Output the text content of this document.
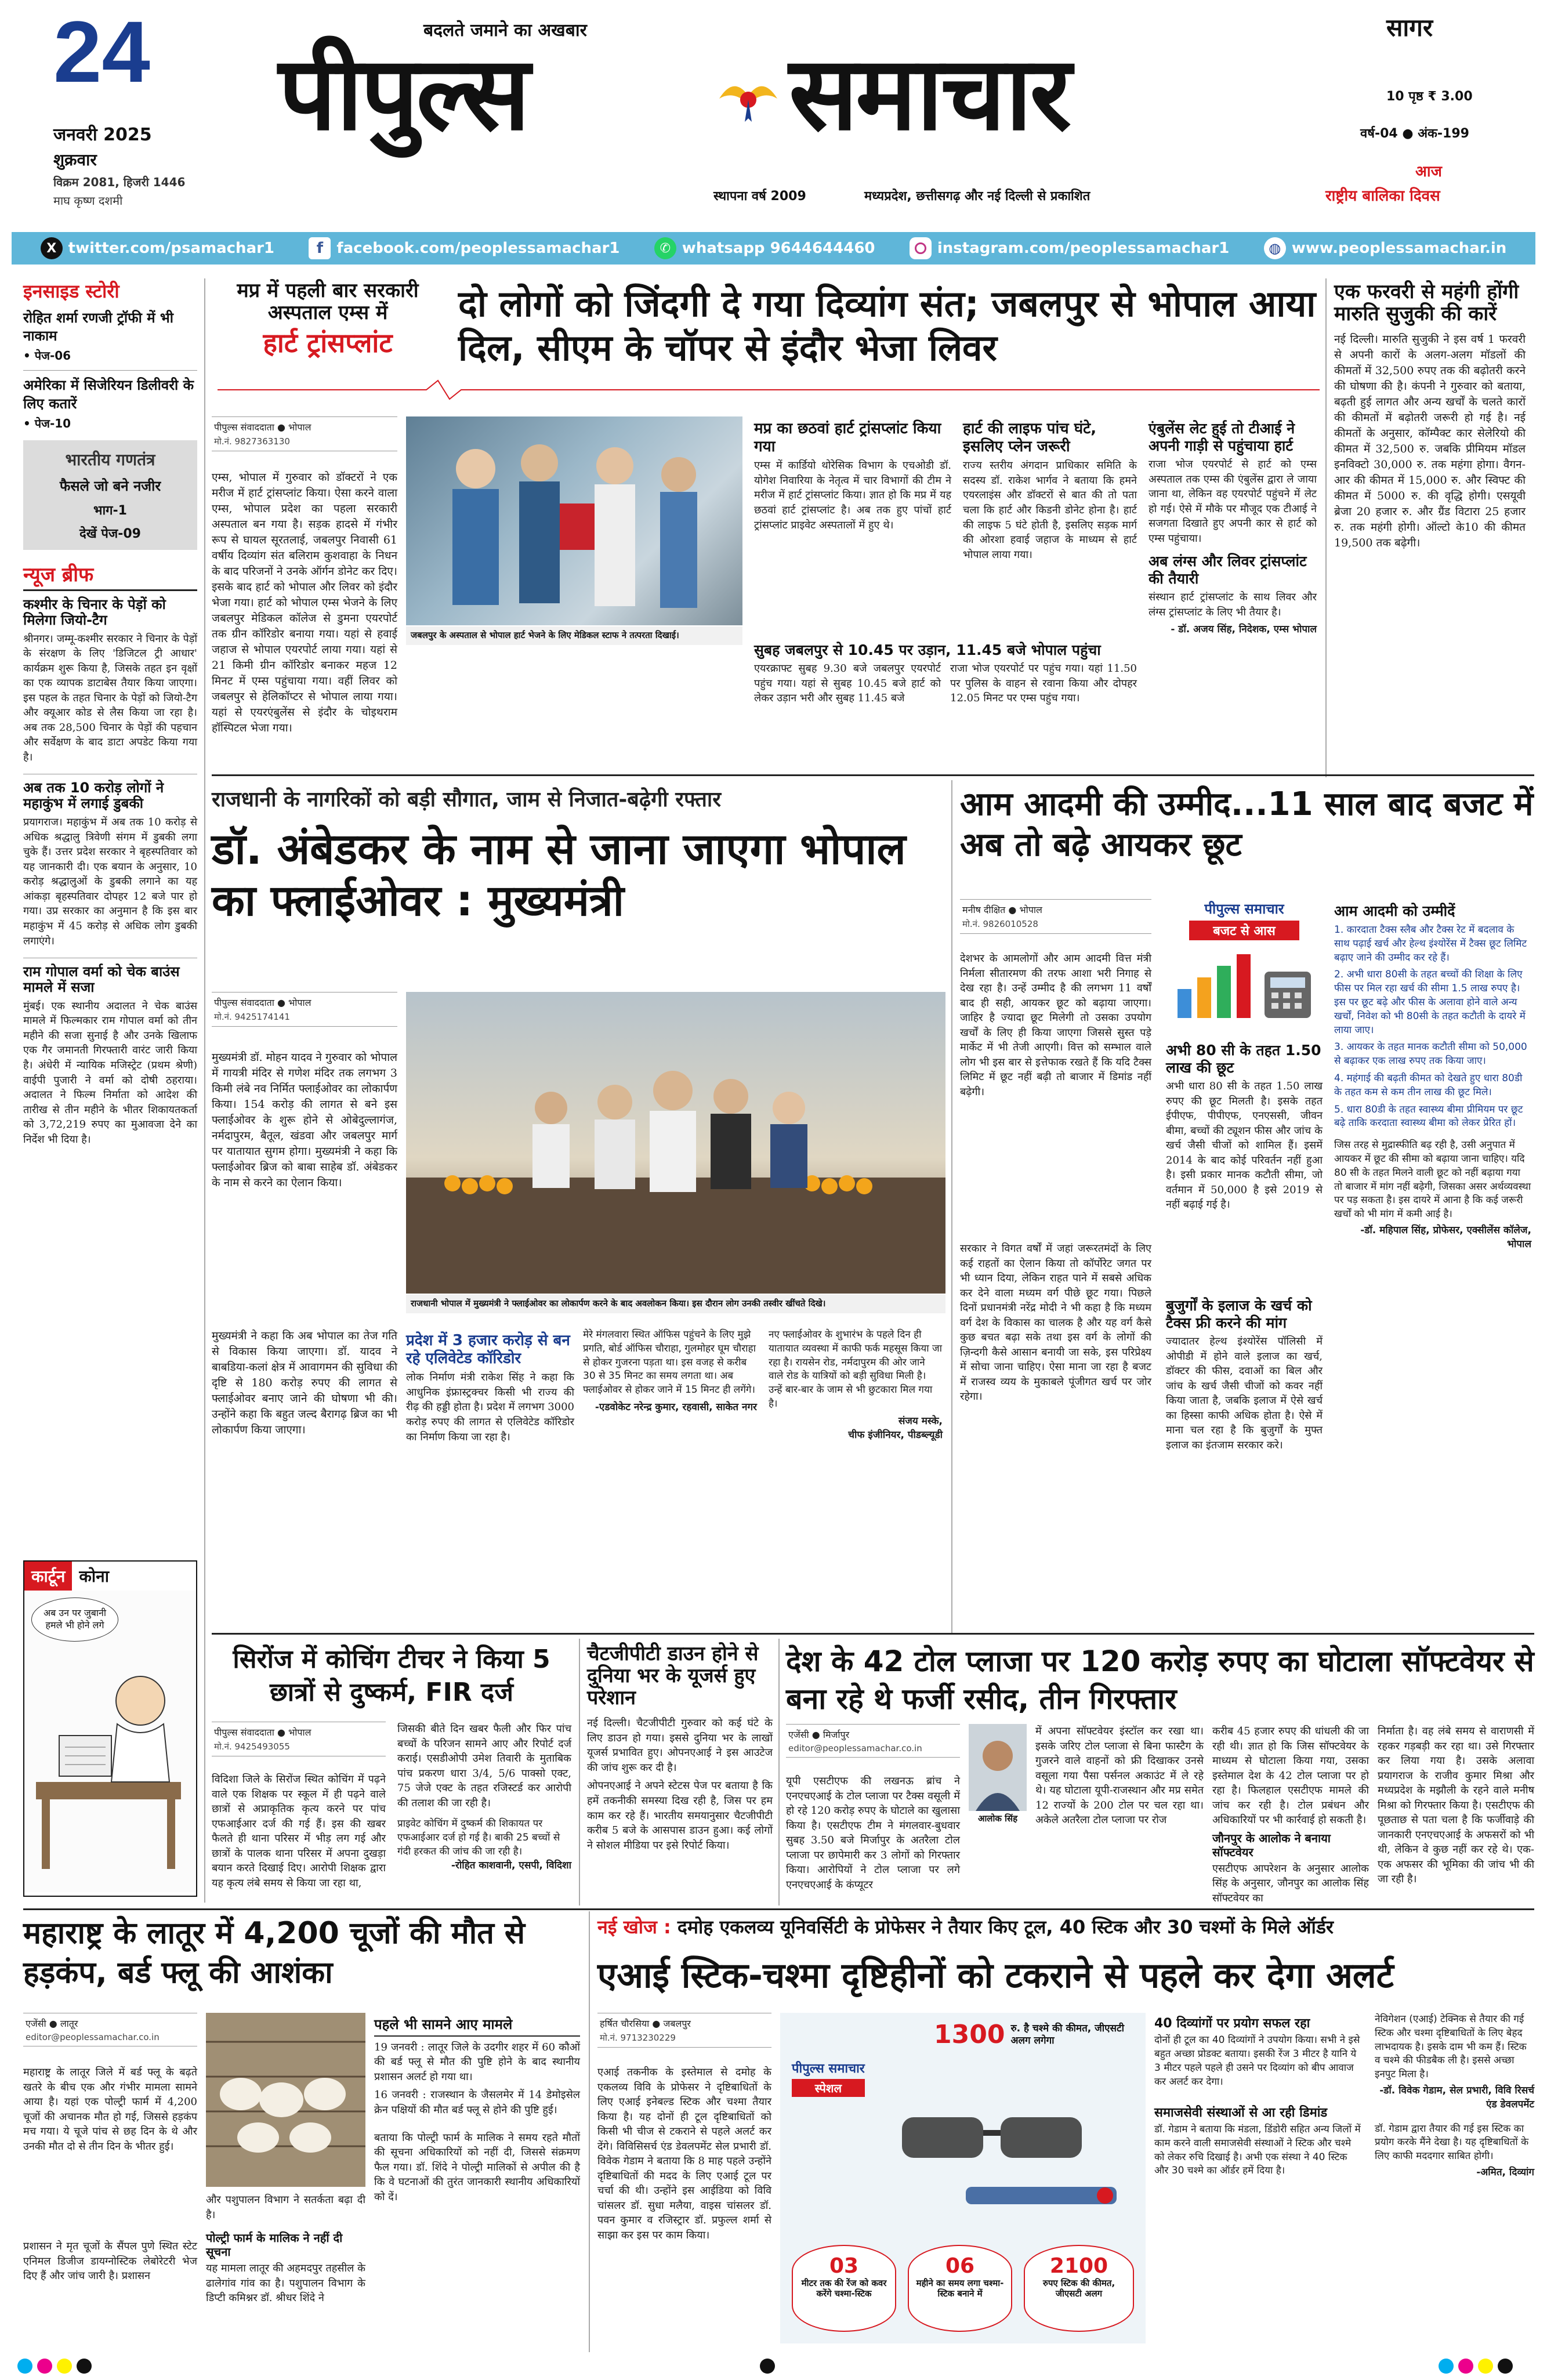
24
जनवरी 2025
शुक्रवार
विक्रम 2081, हिजरी 1446
माघ कृष्ण दशमी
बदलते जमाने का अखबार
पीपुल्स	समाचार
स्थापना वर्ष 2009	मध्यप्रदेश, छत्तीसगढ़ और नई दिल्ली से प्रकाशित
सागर
10 पृष्ठ ₹ 3.00
वर्ष-04 ● अंक-199
आज
राष्ट्रीय बालिका दिवस
X twitter.com/psamachar1	f facebook.com/peoplessamachar1	✆ whatsapp 9644644460	instagram.com/peoplessamachar1	◍ www.peoplessamachar.in
इनसाइड स्टोरी
रोहित शर्मा रणजी ट्रॉफी में भी नाकाम
• पेज-06
अमेरिका में सिजेरियन डिलीवरी के लिए कतारें
• पेज-10
भारतीय गणतंत्र
फैसले जो बने नजीर
भाग-1
देखें पेज-09
न्यूज ब्रीफ
कश्मीर के चिनार के पेड़ों को मिलेगा जियो-टैग
श्रीनगर। जम्मू-कश्मीर सरकार ने चिनार के पेड़ों के संरक्षण के लिए 'डिजिटल ट्री आधार' कार्यक्रम शुरू किया है, जिसके तहत इन वृक्षों का एक व्यापक डाटाबेस तैयार किया जाएगा। इस पहल के तहत चिनार के पेड़ों को जियो-टैग और क्यूआर कोड से लैस किया जा रहा है। अब तक 28,500 चिनार के पेड़ों की पहचान और सर्वेक्षण के बाद डाटा अपडेट किया गया है।
अब तक 10 करोड़ लोगों ने महाकुंभ में लगाई डुबकी
प्रयागराज। महाकुंभ में अब तक 10 करोड़ से अधिक श्रद्धालु त्रिवेणी संगम में डुबकी लगा चुके हैं। उत्तर प्रदेश सरकार ने बृहस्पतिवार को यह जानकारी दी। एक बयान के अनुसार, 10 करोड़ श्रद्धालुओं के डुबकी लगाने का यह आंकड़ा बृहस्पतिवार दोपहर 12 बजे पार हो गया। उप्र सरकार का अनुमान है कि इस बार महाकुंभ में 45 करोड़ से अधिक लोग डुबकी लगाएंगे।
राम गोपाल वर्मा को चेक बाउंस मामले में सजा
मुंबई। एक स्थानीय अदालत ने चेक बाउंस मामले में फिल्मकार राम गोपाल वर्मा को तीन महीने की सजा सुनाई है और उनके खिलाफ एक गैर जमानती गिरफ्तारी वारंट जारी किया है। अंधेरी में न्यायिक मजिस्ट्रेट (प्रथम श्रेणी) वाईपी पुजारी ने वर्मा को दोषी ठहराया। अदालत ने फिल्म निर्माता को आदेश की तारीख से तीन महीने के भीतर शिकायतकर्ता को 3,72,219 रुपए का मुआवजा देने का निर्देश भी दिया है।
कार्टून कोना
अब उन पर जुबानी हमले भी होने लगे
मप्र में पहली बार सरकारी अस्पताल एम्स में
हार्ट ट्रांसप्लांट
दो लोगों को जिंदगी दे गया दिव्यांग संत; जबलपुर से भोपाल आया दिल, सीएम के चॉपर से इंदौर भेजा लिवर
पीपुल्स संवाददाता ● भोपाल
मो.नं. 9827363130
एम्स, भोपाल में गुरुवार को डॉक्टरों ने एक मरीज में हार्ट ट्रांसप्लांट किया। ऐसा करने वाला एम्स, भोपाल प्रदेश का पहला सरकारी अस्पताल बन गया है। सड़क हादसे में गंभीर रूप से घायल सूरतलाई, जबलपुर निवासी 61 वर्षीय दिव्यांग संत बलिराम कुशवाहा के निधन के बाद परिजनों ने उनके ऑर्गन डोनेट कर दिए। इसके बाद हार्ट को भोपाल और लिवर को इंदौर भेजा गया। हार्ट को भोपाल एम्स भेजने के लिए जबलपुर मेडिकल कॉलेज से डुमना एयरपोर्ट तक ग्रीन कॉरिडोर बनाया गया। यहां से हवाई जहाज से भोपाल एयरपोर्ट लाया गया। यहां से 21 किमी ग्रीन कॉरिडोर बनाकर महज 12 मिनट में एम्स पहुंचाया गया। वहीं लिवर को जबलपुर से हेलिकॉप्टर से भोपाल लाया गया। यहां से एयरएंबुलेंस से इंदौर के चोइथराम हॉस्पिटल भेजा गया।
जबलपुर के अस्पताल से भोपाल हार्ट भेजने के लिए मेडिकल स्टाफ ने तत्परता दिखाई।
मप्र का छठवां हार्ट ट्रांसप्लांट किया गया
एम्स में कार्डियो थोरेसिक विभाग के एचओडी डॉ. योगेश निवारिया के नेतृत्व में चार विभागों की टीम ने मरीज में हार्ट ट्रांसप्लांट किया। ज्ञात हो कि मप्र में यह छठवां हार्ट ट्रांसप्लांट है। अब तक हुए पांचों हार्ट ट्रांसप्लांट प्राइवेट अस्पतालों में हुए थे।
हार्ट की लाइफ पांच घंटे, इसलिए प्लेन जरूरी
राज्य स्तरीय अंगदान प्राधिकार समिति के सदस्य डॉ. राकेश भार्गव ने बताया कि हमने एयरलाइंस और डॉक्टरों से बात की तो पता चला कि हार्ट और किडनी डोनेट होना है। हार्ट की लाइफ 5 घंटे होती है, इसलिए सड़क मार्ग की ओरशा हवाई जहाज के माध्यम से हार्ट भोपाल लाया गया।
सुबह जबलपुर से 10.45 पर उड़ान, 11.45 बजे भोपाल पहुंचा
एयरक्राफ्ट सुबह 9.30 बजे जबलपुर एयरपोर्ट पहुंच गया। यहां से सुबह 10.45 बजे हार्ट को लेकर उड़ान भरी और सुबह 11.45 बजे
राजा भोज एयरपोर्ट पर पहुंच गया। यहां 11.50 पर पुलिस के वाहन से रवाना किया और दोपहर 12.05 मिनट पर एम्स पहुंच गया।
एंबुलेंस लेट हुई तो टीआई ने अपनी गाड़ी से पहुंचाया हार्ट
राजा भोज एयरपोर्ट से हार्ट को एम्स अस्पताल तक एम्स की एंबुलेंस द्वारा ले जाया जाना था, लेकिन वह एयरपोर्ट पहुंचने में लेट हो गई। ऐसे में मौके पर मौजूद एक टीआई ने सजगता दिखाते हुए अपनी कार से हार्ट को एम्स पहुंचाया।
अब लंग्स और लिवर ट्रांसप्लांट की तैयारी
संस्थान हार्ट ट्रांसप्लांट के साथ लिवर और लंग्स ट्रांसप्लांट के लिए भी तैयार है।
- डॉ. अजय सिंह, निदेशक, एम्स भोपाल
एक फरवरी से महंगी होंगी मारुति सुजुकी की कारें
नई दिल्ली। मारुति सुजुकी ने इस वर्ष 1 फरवरी से अपनी कारों के अलग-अलग मॉडलों की कीमतों में 32,500 रुपए तक की बढ़ोतरी करने की घोषणा की है। कंपनी ने गुरुवार को बताया, बढ़ती हुई लागत और अन्य खर्चों के चलते कारों की कीमतों में बढ़ोतरी जरूरी हो गई है। नई कीमतों के अनुसार, कॉम्पैक्ट कार सेलेरियो की कीमत में 32,500 रु. जबकि प्रीमियम मॉडल इनविक्टो 30,000 रु. तक महंगा होगा। वैगन-आर की कीमत में 15,000 रु. और स्विफ्ट की कीमत में 5000 रु. की वृद्धि होगी। एसयूवी ब्रेजा 20 हजार रु. और ग्रैंड विटारा 25 हजार रु. तक महंगी होगी। ऑल्टो के10 की कीमत 19,500 तक बढ़ेगी।
राजधानी के नागरिकों को बड़ी सौगात, जाम से निजात-बढ़ेगी रफ्तार
डॉ. अंबेडकर के नाम से जाना जाएगा भोपाल का फ्लाईओवर : मुख्यमंत्री
पीपुल्स संवाददाता ● भोपाल
मो.नं. 9425174141
मुख्यमंत्री डॉ. मोहन यादव ने गुरुवार को भोपाल में गायत्री मंदिर से गणेश मंदिर तक लगभग 3 किमी लंबे नव निर्मित फ्लाईओवर का लोकार्पण किया। 154 करोड़ की लागत से बने इस फ्लाईओवर के शुरू होने से ओबेदुल्लागंज, नर्मदापुरम, बैतूल, खंडवा और जबलपुर मार्ग पर यातायात सुगम होगा। मुख्यमंत्री ने कहा कि फ्लाईओवर ब्रिज को बाबा साहेब डॉ. अंबेडकर के नाम से करने का ऐलान किया।
मुख्यमंत्री ने कहा कि अब भोपाल का तेज गति से विकास किया जाएगा। डॉ. यादव ने बाबडिया-कलां क्षेत्र में आवागमन की सुविधा की दृष्टि से 180 करोड़ रुपए की लागत से फ्लाईओवर बनाए जाने की घोषणा भी की। उन्होंने कहा कि बहुत जल्द बैरागढ़ ब्रिज का भी लोकार्पण किया जाएगा।
राजधानी भोपाल में मुख्यमंत्री ने फ्लाईओवर का लोकार्पण करने के बाद अवलोकन किया। इस दौरान लोग उनकी तस्वीर खींचते दिखे।
प्रदेश में 3 हजार करोड़ से बन रहे एलिवेटेड कॉरिडोर
लोक निर्माण मंत्री राकेश सिंह ने कहा कि आधुनिक इंफ्रास्ट्रक्चर किसी भी राज्य की रीढ़ की हड्डी होता है। प्रदेश में लगभग 3000 करोड़ रुपए की लागत से एलिवेटेड कॉरिडोर का निर्माण किया जा रहा है।
मेरे मंगलवारा स्थित ऑफिस पहुंचने के लिए मुझे प्रगति, बोर्ड ऑफिस चौराहा, गुलमोहर घूम चौराहा से होकर गुजरना पड़ता था। इस वजह से करीब 30 से 35 मिनट का समय लगता था। अब फ्लाईओवर से होकर जाने में 15 मिनट ही लगेंगे।
-एडवोकेट नरेन्द्र कुमार, रहवासी, साकेत नगर
नए फ्लाईओवर के शुभारंभ के पहले दिन ही यातायात व्यवस्था में काफी फर्क महसूस किया जा रहा है। रायसेन रोड, नर्मदापुरम की ओर जाने वाले रोड के यात्रियों को बड़ी सुविधा मिली है। उन्हें बार-बार के जाम से भी छुटकारा मिल गया है।
संजय मस्के,
चीफ इंजीनियर, पीडब्ल्यूडी
आम आदमी की उम्मीद...11 साल बाद बजट में अब तो बढ़े आयकर छूट
मनीष दीक्षित ● भोपाल
मो.नं. 9826010528
देशभर के आमलोगों और आम आदमी वित्त मंत्री निर्मला सीतारमण की तरफ आशा भरी निगाह से देख रहा है। उन्हें उम्मीद है की लगभग 11 वर्षों बाद ही सही, आयकर छूट को बढ़ाया जाएगा। जाहिर है ज्यादा छूट मिलेगी तो उसका उपयोग खर्चों के लिए ही किया जाएगा जिससे सुस्त पड़े मार्केट में भी तेजी आएगी। वित्त को सम्भाल वाले लोग भी इस बार से इत्तेफाक रखते हैं कि यदि टैक्स लिमिट में छूट नहीं बढ़ी तो बाजार में डिमांड नहीं बढ़ेगी।
सरकार ने विगत वर्षों में जहां जरूरतमंदों के लिए कई राहतों का ऐलान किया तो कॉर्पोरेट जगत पर भी ध्यान दिया, लेकिन राहत पाने में सबसे अधिक कर देने वाला मध्यम वर्ग पीछे छूट गया। पिछले दिनों प्रधानमंत्री नरेंद्र मोदी ने भी कहा है कि मध्यम वर्ग देश के विकास का चालक है और यह वर्ग कैसे कुछ बचत बढ़ा सके तथा इस वर्ग के लोगों की ज़िन्दगी कैसे आसान बनायी जा सके, इस परिप्रेक्ष्य में सोचा जाना चाहिए। ऐसा माना जा रहा है बजट में राजस्व व्यय के मुकाबले पूंजीगत खर्च पर जोर रहेगा।
पीपुल्स समाचार
बजट से आस
अभी 80 सी के तहत 1.50 लाख की छूट
अभी धारा 80 सी के तहत 1.50 लाख रुपए की छूट मिलती है। इसके तहत ईपीएफ, पीपीएफ, एनएससी, जीवन बीमा, बच्चों की ट्यूशन फीस और जांच के खर्च जैसी चीजों को शामिल हैं। इसमें 2014 के बाद कोई परिवर्तन नहीं हुआ है। इसी प्रकार मानक कटौती सीमा, जो वर्तमान में 50,000 है इसे 2019 से नहीं बढ़ाई गई है।
बुजुर्गों के इलाज के खर्च को टैक्स फ्री करने की मांग
ज्यादातर हेल्थ इंश्योरेंस पॉलिसी में ओपीडी में होने वाले इलाज का खर्च, डॉक्टर की फीस, दवाओं का बिल और जांच के खर्च जैसी चीजों को कवर नहीं किया जाता है, जबकि इलाज में ऐसे खर्च का हिस्सा काफी अधिक होता है। ऐसे में माना चल रहा है कि बुजुर्गों के मुफ्त इलाज का इंतजाम सरकार करे।
आम आदमी को उम्मीदें
1. कारदाता टैक्स स्लैब और टैक्स रेट में बदलाव के साथ पढ़ाई खर्च और हेल्थ इंश्योरेंस में टैक्स छूट लिमिट बढ़ाए जाने की उम्मीद कर रहे हैं।
2. अभी धारा 80सी के तहत बच्चों की शिक्षा के लिए फीस पर मिल रहा खर्च की सीमा 1.5 लाख रुपए है। इस पर छूट बढ़े और फीस के अलावा होने वाले अन्य खर्चों, निवेश को भी 80सी के तहत कटौती के दायरे में लाया जाए।
3. आयकर के तहत मानक कटौती सीमा को 50,000 से बढ़ाकर एक लाख रुपए तक किया जाए।
4. महंगाई की बढ़ती कीमत को देखते हुए धारा 80डी के तहत कम से कम तीन लाख की छूट मिले।
5. धारा 80डी के तहत स्वास्थ्य बीमा प्रीमियम पर छूट बढ़े ताकि करदाता स्वास्थ्य बीमा को लेकर प्रेरित हों।
जिस तरह से मुद्रास्फीति बढ़ रही है, उसी अनुपात में आयकर में छूट की सीमा को बढ़ाया जाना चाहिए। यदि 80 सी के तहत मिलने वाली छूट को नहीं बढ़ाया गया तो बाजार में मांग नहीं बढ़ेगी, जिसका असर अर्थव्यवस्था पर पड़ सकता है। इस दायरे में आना है कि कई जरूरी खर्चों को भी मांग में कमी आई है।
-डॉ. महिपाल सिंह, प्रोफेसर, एक्सीलेंस कॉलेज, भोपाल
सिरोंज में कोचिंग टीचर ने किया 5 छात्रों से दुष्कर्म, FIR दर्ज
पीपुल्स संवाददाता ● भोपाल
मो.नं. 9425493055
विदिशा जिले के सिरोंज स्थित कोचिंग में पढ़ने वाले एक शिक्षक पर स्कूल में ही पढ़ने वाले छात्रों से अप्राकृतिक कृत्य करने पर पांच एफआईआर दर्ज की गई हैं। इस की खबर फैलते ही थाना परिसर में भीड़ लग गई और छात्रों के पालक थाना परिसर में अपना दुखड़ा बयान करते दिखाई दिए। आरोपी शिक्षक द्वारा यह कृत्य लंबे समय से किया जा रहा था,
जिसकी बीते दिन खबर फैली और फिर पांच बच्चों के परिजन सामने आए और रिपोर्ट दर्ज कराई। एसडीओपी उमेश तिवारी के मुताबिक पांच प्रकरण धारा 3/4, 5/6 पाक्सो एक्ट, 75 जेजे एक्ट के तहत रजिस्टर्ड कर आरोपी की तलाश की जा रही है।
प्राइवेट कोचिंग में दुष्कर्म की शिकायत पर एफआईआर दर्ज हो गई है। बाकी 25 बच्चों से गंदी हरकत की जांच की जा रही है।
-रोहित काशवानी, एसपी, विदिशा
चैटजीपीटी डाउन होने से दुनिया भर के यूजर्स हुए परेशान
नई दिल्ली। चैटजीपीटी गुरुवार को कई घंटे के लिए डाउन हो गया। इससे दुनिया भर के लाखों यूजर्स प्रभावित हुए। ओपनएआई ने इस आउटेज की जांच शुरू कर दी है।
ओपनएआई ने अपने स्टेटस पेज पर बताया है कि हमें तकनीकी समस्या दिख रही है, जिस पर हम काम कर रहे हैं। भारतीय समयानुसार चैटजीपीटी करीब 5 बजे के आसपास डाउन हुआ। कई लोगों ने सोशल मीडिया पर इसे रिपोर्ट किया।
देश के 42 टोल प्लाजा पर 120 करोड़ रुपए का घोटाला सॉफ्टवेयर से बना रहे थे फर्जी रसीद, तीन गिरफ्तार
एजेंसी ● मिर्जापुर
editor@peoplessamachar.co.in
यूपी एसटीएफ की लखनऊ ब्रांच ने एनएचएआई के टोल प्लाजा पर टैक्स वसूली में हो रहे 120 करोड़ रुपए के घोटाले का खुलासा किया है। एसटीएफ टीम ने मंगलवार-बुधवार सुबह 3.50 बजे मिर्जापुर के अतरैला टोल प्लाजा पर छापेमारी कर 3 लोगों को गिरफ्तार किया। आरोपियों ने टोल प्लाजा पर लगे एनएचएआई के कंप्यूटर
आलोक सिंह
में अपना सॉफ्टवेयर इंस्टॉल कर रखा था। इसके जरिए टोल प्लाजा से बिना फास्टैग के गुजरने वाले वाहनों को फ्री दिखाकर उनसे वसूला गया पैसा पर्सनल अकाउंट में ले रहे थे। यह घोटाला यूपी-राजस्थान और मप्र समेत 12 राज्यों के 200 टोल पर चल रहा था। अकेले अतरैला टोल प्लाजा पर रोज
करीब 45 हजार रुपए की धांधली की जा रही थी। ज्ञात हो कि जिस सॉफ्टवेयर के माध्यम से घोटाला किया गया, उसका इस्तेमाल देश के 42 टोल प्लाजा पर हो रहा है। फिलहाल एसटीएफ मामले की जांच कर रही है। टोल प्रबंधन और अधिकारियों पर भी कार्रवाई हो सकती है।
जौनपुर के आलोक ने बनाया सॉफ्टवेयर
एसटीएफ आपरेशन के अनुसार आलोक सिंह के अनुसार, जौनपुर का आलोक सिंह सॉफ्टवेयर का
निर्माता है। वह लंबे समय से वाराणसी में रहकर गड़बड़ी कर रहा था। उसे गिरफ्तार कर लिया गया है। उसके अलावा प्रयागराज के राजीव कुमार मिश्रा और मध्यप्रदेश के मझौली के रहने वाले मनीष मिश्रा को गिरफ्तार किया है। एसटीएफ की पूछताछ से पता चला है कि फर्जीवाड़े की जानकारी एनएचएआई के अफसरों को भी थी, लेकिन वे कुछ नहीं कर रहे थे। एक-एक अफसर की भूमिका की जांच भी की जा रही है।
महाराष्ट्र के लातूर में 4,200 चूजों की मौत से हड़कंप, बर्ड फ्लू की आशंका
एजेंसी ● लातूर
editor@peoplessamachar.co.in
महाराष्ट्र के लातूर जिले में बर्ड फ्लू के बढ़ते खतरे के बीच एक और गंभीर मामला सामने आया है। यहां एक पोल्ट्री फार्म में 4,200 चूजों की अचानक मौत हो गई, जिससे हड़कंप मच गया। ये चूजे पांच से छह दिन के थे और उनकी मौत दो से तीन दिन के भीतर हुई।
प्रशासन ने मृत चूजों के सैंपल पुणे स्थित स्टेट एनिमल डिजीज डायग्नोस्टिक लेबोरेटरी भेज दिए हैं और जांच जारी है। प्रशासन
और पशुपालन विभाग ने सतर्कता बढ़ा दी है।
पोल्ट्री फार्म के मालिक ने नहीं दी सूचना
यह मामला लातूर की अहमदपुर तहसील के ढालेगांव गांव का है। पशुपालन विभाग के डिप्टी कमिश्नर डॉ. श्रीधर शिंदे ने
पहले भी सामने आए मामले
19 जनवरी : लातूर जिले के उदगीर शहर में 60 कौओं की बर्ड फ्लू से मौत की पुष्टि होने के बाद स्थानीय प्रशासन अलर्ट हो गया था।
16 जनवरी : राजस्थान के जैसलमेर में 14 डेमोइसेल क्रेन पक्षियों की मौत बर्ड फ्लू से होने की पुष्टि हुई।
बताया कि पोल्ट्री फार्म के मालिक ने समय रहते मौतों की सूचना अधिकारियों को नहीं दी, जिससे संक्रमण फैल गया। डॉ. शिंदे ने पोल्ट्री मालिकों से अपील की है कि वे घटनाओं की तुरंत जानकारी स्थानीय अधिकारियों को दें।
नई खोज : दमोह एकलव्य यूनिवर्सिटी के प्रोफेसर ने तैयार किए टूल, 40 स्टिक और 30 चश्मों के मिले ऑर्डर
एआई स्टिक-चश्मा दृष्टिहीनों को टकराने से पहले कर देगा अलर्ट
हर्षित चौरसिया ● जबलपुर
मो.नं. 9713230229
एआई तकनीक के इस्तेमाल से दमोह के एकलव्य विवि के प्रोफेसर ने दृष्टिबाधितों के लिए एआई इनेबल्ड स्टिक और चश्मा तैयार किया है। यह दोनों ही टूल दृष्टिबाधितों को किसी भी चीज से टकराने से पहले अलर्ट कर देंगे। विविसिसर्च एंड डेवलपमेंट सेल प्रभारी डॉ. विवेक गेडाम ने बताया कि 8 माह पहले उन्होंने दृष्टिबाधितों की मदद के लिए एआई टूल पर चर्चा की थी। उन्होंने इस आईडिया को विवि चांसलर डॉ. सुधा मलैया, वाइस चांसलर डॉ. पवन कुमार व रजिस्ट्रार डॉ. प्रफुल्ल शर्मा से साझा कर इस पर काम किया।
पीपुल्स समाचार
स्पेशल
1300 रु. है चश्मे की कीमत, जीएसटी अलग लगेगा
03
मीटर तक की रेंज को कवर करेंगे चश्मा-स्टिक
06
महीने का समय लगा चश्मा-स्टिक बनाने में
2100
रुपए स्टिक की कीमत, जीएसटी अलग
40 दिव्यांगों पर प्रयोग सफल रहा
दोनों ही टूल का 40 दिव्यांगों ने उपयोग किया। सभी ने इसे बहुत अच्छा प्रोडक्ट बताया। इसकी रेंज 3 मीटर है यानि ये 3 मीटर पहले पहले ही उसने पर दिव्यांग को बीप आवाज कर अलर्ट कर देगा।
समाजसेवी संस्थाओं से आ रही डिमांड
डॉ. गेडाम ने बताया कि मंडला, डिंडोरी सहित अन्य जिलों में काम करने वाली समाजसेवी संस्थाओं ने स्टिक और चश्मे को लेकर रुचि दिखाई है। अभी एक संस्था ने 40 स्टिक और 30 चश्मे का ऑर्डर हमें दिया है।
नेविगेशन (एआई) टेक्निक से तैयार की गई स्टिक और चश्मा दृष्टिबाधितों के लिए बेहद लाभदायक है। इसके दाम भी कम हैं। स्टिक व चश्मे की फीडबैक ली है। इससे अच्छा इनपुट मिला है।
-डॉ. विवेक गेडाम, सेल प्रभारी, विवि रिसर्च एंड डेवलपमेंट
डॉ. गेडाम द्वारा तैयार की गई इस स्टिक का प्रयोग करके मैंने देखा है। यह दृष्टिबाधितों के लिए काफी मददगार साबित होगी।
-अमित, दिव्यांग
